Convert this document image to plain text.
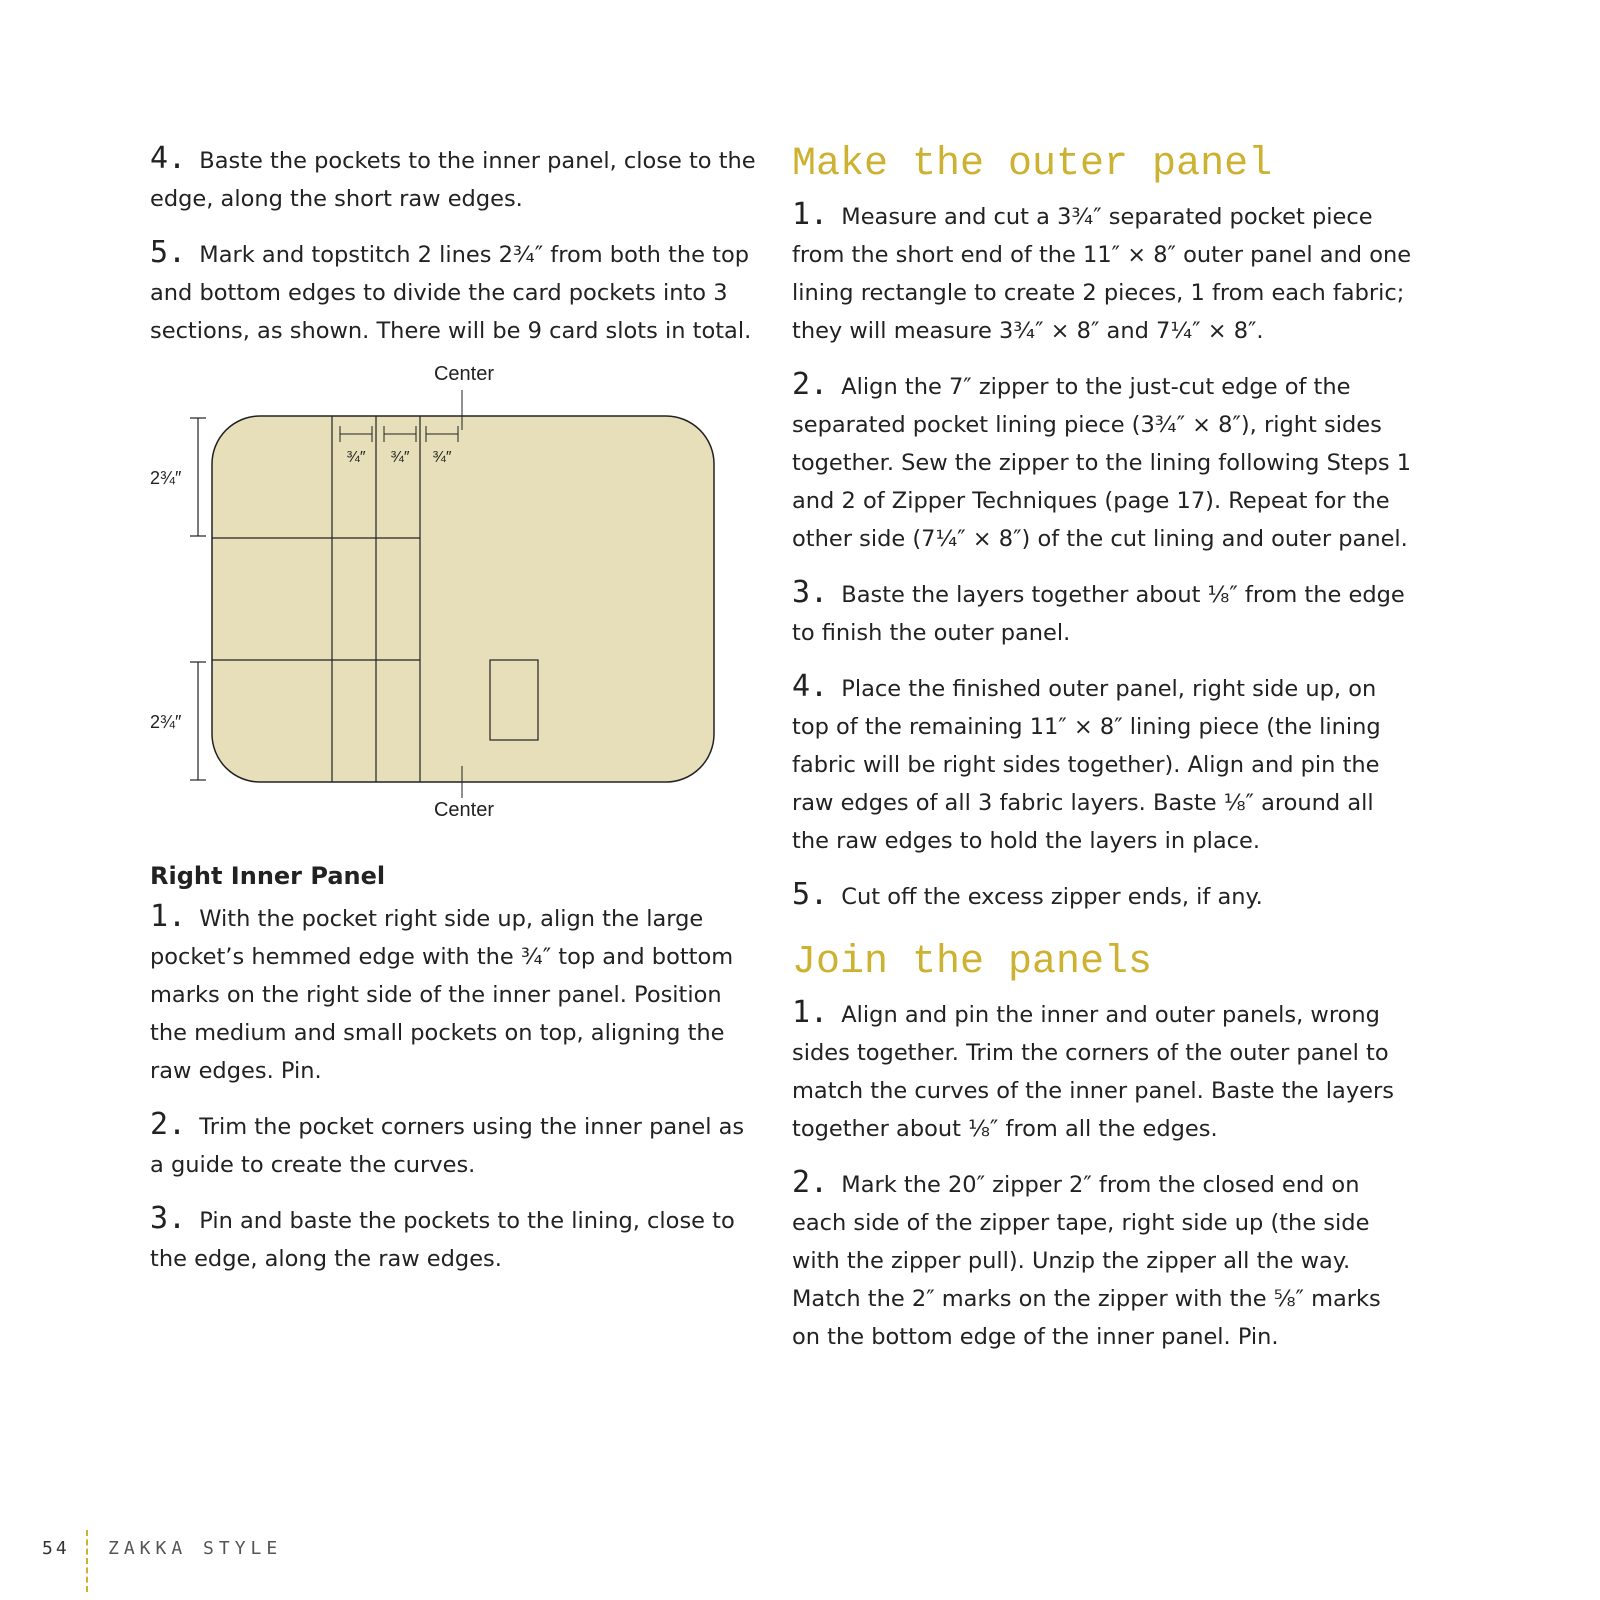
4. Baste the pockets to the inner panel, close to the edge, along the short raw edges.

5. Mark and topstitch 2 lines 2¾″ from both the top and bottom edges to divide the card pockets into 3 sections, as shown. There will be 9 card slots in total.

Center
Center
2¾″
2¾″
¾″ ¾″ ¾″
Right Inner Panel

1. With the pocket right side up, align the large pocket’s hemmed edge with the ¾″ top and bottom marks on the right side of the inner panel. Position the medium and small pockets on top, aligning the raw edges. Pin.

2. Trim the pocket corners using the inner panel as a guide to create the curves.

3. Pin and baste the pockets to the lining, close to the edge, along the raw edges.

Make the outer panel

1. Measure and cut a 3¾″ separated pocket piece from the short end of the 11″ × 8″ outer panel and one lining rectangle to create 2 pieces, 1 from each fabric; they will measure 3¾″ × 8″ and 7¼″ × 8″.

2. Align the 7″ zipper to the just-cut edge of the separated pocket lining piece (3¾″ × 8″), right sides together. Sew the zipper to the lining following Steps 1 and 2 of Zipper Techniques (page 17). Repeat for the other side (7¼″ × 8″) of the cut lining and outer panel.

3. Baste the layers together about ⅛″ from the edge to finish the outer panel.

4. Place the finished outer panel, right side up, on top of the remaining 11″ × 8″ lining piece (the lining fabric will be right sides together). Align and pin the raw edges of all 3 fabric layers. Baste ⅛″ around all the raw edges to hold the layers in place.

5. Cut off the excess zipper ends, if any.

Join the panels

1. Align and pin the inner and outer panels, wrong sides together. Trim the corners of the outer panel to match the curves of the inner panel. Baste the layers together about ⅛″ from all the edges.

2. Mark the 20″ zipper 2″ from the closed end on each side of the zipper tape, right side up (the side with the zipper pull). Unzip the zipper all the way. Match the 2″ marks on the zipper with the ⅝″ marks on the bottom edge of the inner panel. Pin.

54 ZAKKA STYLE
